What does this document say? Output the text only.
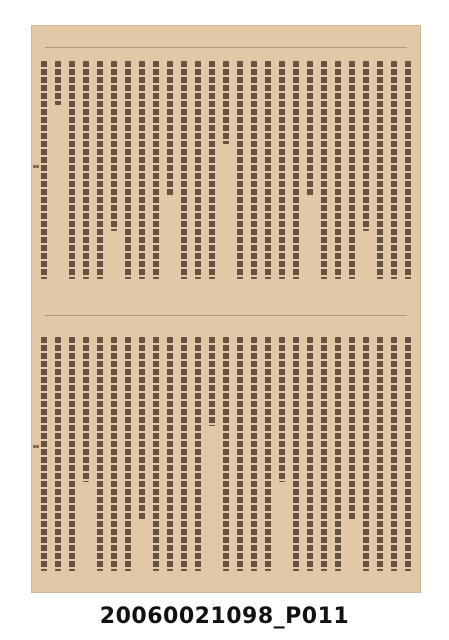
20060021098_P011
